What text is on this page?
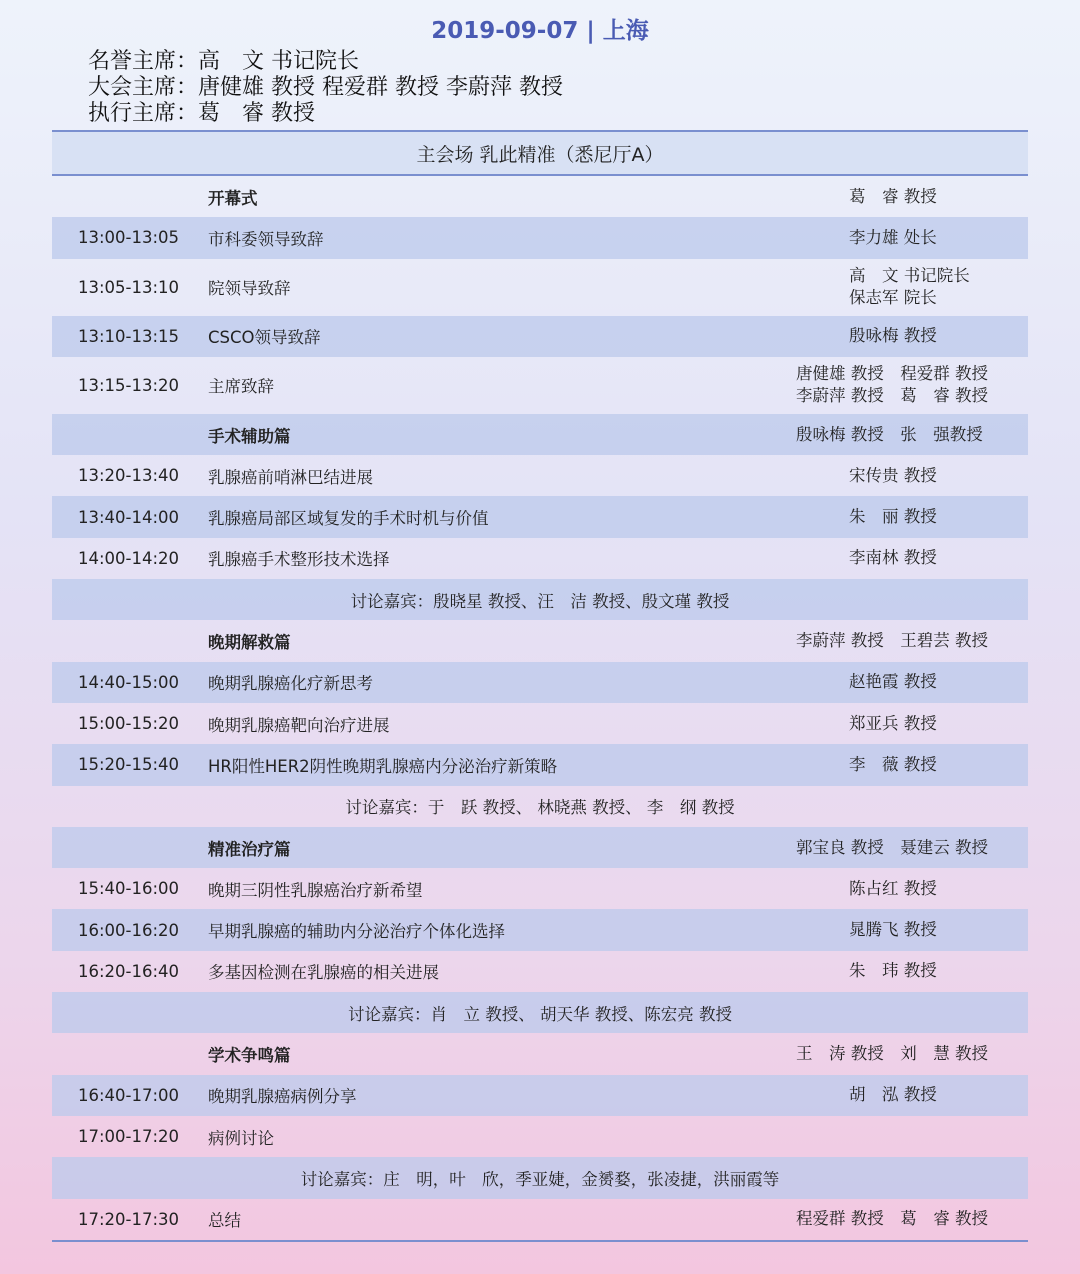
2019-09-07 | 上海
名誉主席：高　文 书记院长
大会主席：唐健雄 教授 程爱群 教授 李蔚萍 教授
执行主席：葛　睿 教授
主会场 乳此精准（悉尼厅A）
开幕式	葛　睿 教授
13:00-13:05 市科委领导致辞	李力雄 处长
13:05-13:10 院领导致辞
高　文 书记院长
保志军 院长
13:10-13:15 CSCO领导致辞	殷咏梅 教授
13:15-13:20 主席致辞
唐健雄 教授　程爱群 教授
李蔚萍 教授　葛　睿 教授
手术辅助篇	殷咏梅 教授　张　强教授
13:20-13:40 乳腺癌前哨淋巴结进展	宋传贵 教授
13:40-14:00 乳腺癌局部区域复发的手术时机与价值	朱　丽 教授
14:00-14:20 乳腺癌手术整形技术选择	李南林 教授
讨论嘉宾：殷晓星 教授、汪　洁 教授、殷文瑾 教授
晚期解救篇	李蔚萍 教授　王碧芸 教授
14:40-15:00 晚期乳腺癌化疗新思考	赵艳霞 教授
15:00-15:20 晚期乳腺癌靶向治疗进展	郑亚兵 教授
15:20-15:40 HR阳性HER2阴性晚期乳腺癌内分泌治疗新策略	李　薇 教授
讨论嘉宾：于　跃 教授、 林晓燕 教授、 李　纲 教授
精准治疗篇	郭宝良 教授　聂建云 教授
15:40-16:00 晚期三阴性乳腺癌治疗新希望	陈占红 教授
16:00-16:20 早期乳腺癌的辅助内分泌治疗个体化选择	晁腾飞 教授
16:20-16:40 多基因检测在乳腺癌的相关进展	朱　玮 教授
讨论嘉宾：肖　立 教授、 胡天华 教授、陈宏亮 教授
学术争鸣篇	王　涛 教授　刘　慧 教授
16:40-17:00 晚期乳腺癌病例分享	胡　泓 教授
17:00-17:20 病例讨论
讨论嘉宾：庄　明，叶　欣，季亚婕，金赟婺，张凌捷，洪丽霞等
17:20-17:30 总结	程爱群 教授　葛　睿 教授
